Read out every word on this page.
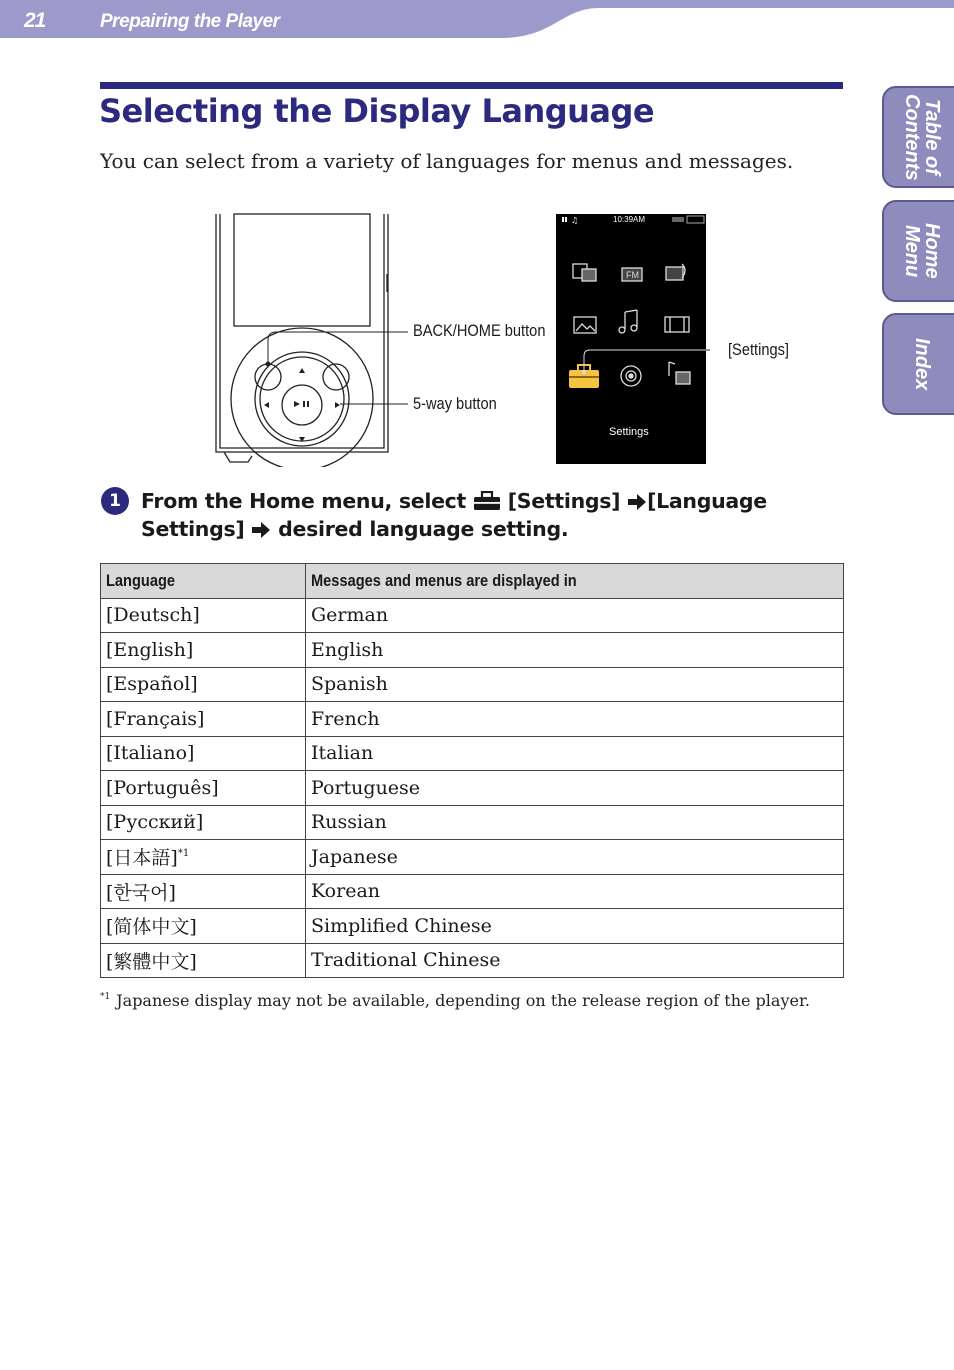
21	Prepairing the Player
Table of
Contents
Home
Menu
Index
Selecting the Display Language
You can select from a variety of languages for menus and messages.
10:39AM
♫
FM
Settings
BACK/HOME button
5-way button
[Settings]
1 From the Home menu, select  [Settings] [Language Settings]  desired language setting.
Language	Messages and menus are displayed in
[Deutsch]	German
[English]	English
[Español]	Spanish
[Français]	French
[Italiano]	Italian
[Português]	Portuguese
[Русский]	Russian
[日本語]$^{*1}$	Japanese
[한국어]	Korean
[简体中文]	Simplified Chinese
[繁體中文]	Traditional Chinese
$^{*1}$ Japanese display may not be available, depending on the release region of the player.
